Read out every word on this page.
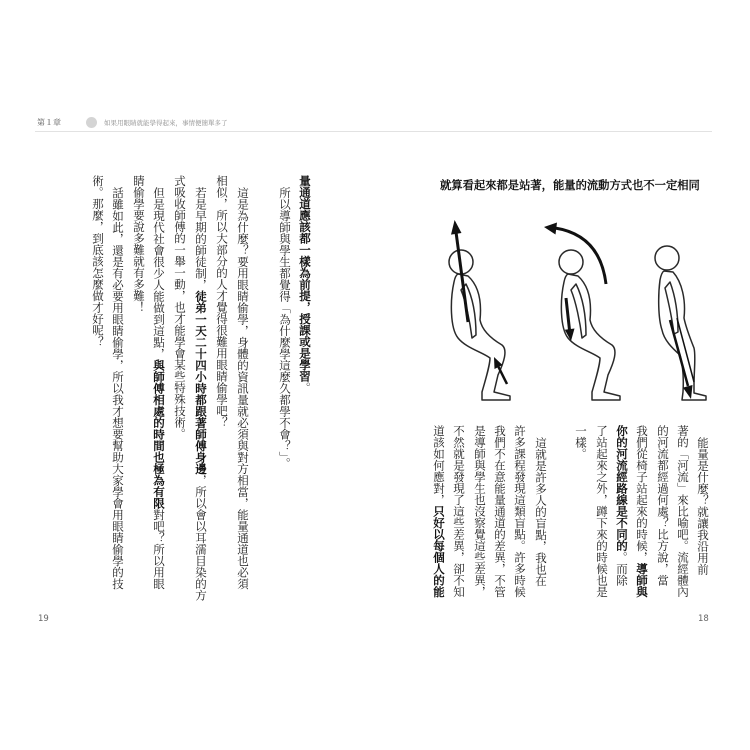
第１章	如果用眼睛就能學得起來，事情便簡單多了
量通道應該都一樣為前提，授課或是學習。
所以導師與學生都覺得「為什麼學這麼久都學不會？」。
這是為什麼？要用眼睛偷學，身體的資訊量就必須與對方相當，能量通道也必須
相似，所以大部分的人才覺得很難用眼睛偷學吧？
若是早期的師徒制，徒弟一天二十四小時都跟著師傅身邊，所以會以耳濡目染的方
式吸收師傅的一舉一動，也才能學會某些特殊技術。
但是現代社會很少人能做到這點，與師傅相處的時間也極為有限對吧？所以用眼
睛偷學要說多難就有多難！
話雖如此，還是有必要用眼睛偷學，所以我才想要幫助大家學會用眼睛偷學的技
術。那麼，到底該怎麼做才好呢？
19
就算看起來都是站著，能量的流動方式也不一定相同
能量是什麼？就讓我沿用前
著的「河流」來比喻吧。流經體內
的河流都經過何處？比方說，當
我們從椅子站起來的時候，導師與
你的河流經路線是不同的。而除
了站起來之外，蹲下來的時候也是
一樣。
這就是許多人的盲點，我也在
許多課程發現這類盲點。許多時候
我們不在意能量通道的差異，不管
是導師與學生也沒察覺這些差異，
不然就是發現了這些差異，卻不知
道該如何應對，只好以每個人的能
18
